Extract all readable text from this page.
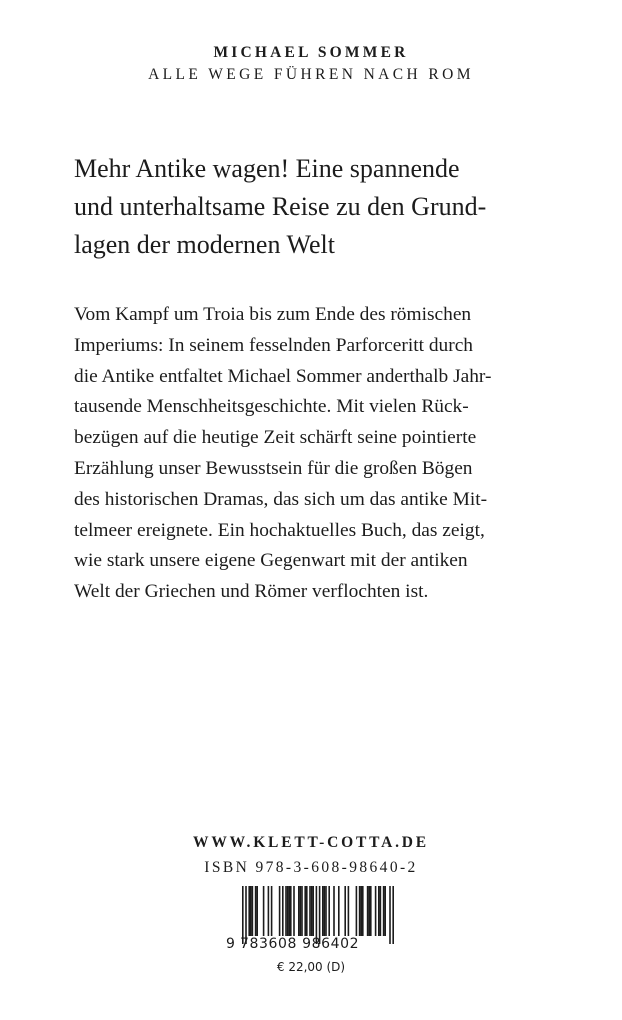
MICHAEL SOMMER
ALLE WEGE FÜHREN NACH ROM
Mehr Antike wagen! Eine spannende
und unterhaltsame Reise zu den Grund-
lagen der modernen Welt
Vom Kampf um Troia bis zum Ende des römischen
Imperiums: In seinem fesselnden Parforceritt durch
die Antike entfaltet Michael Sommer anderthalb Jahr-
tausende Menschheitsgeschichte. Mit vielen Rück-
bezügen auf die heutige Zeit schärft seine pointierte
Erzählung unser Bewusstsein für die großen Bögen
des historischen Dramas, das sich um das antike Mit-
telmeer ereignete. Ein hochaktuelles Buch, das zeigt,
wie stark unsere eigene Gegenwart mit der antiken
Welt der Griechen und Römer verflochten ist.
WWW.KLETT-COTTA.DE
ISBN 978-3-608-98640-2
9 783608 986402
€ 22,00 (D)
